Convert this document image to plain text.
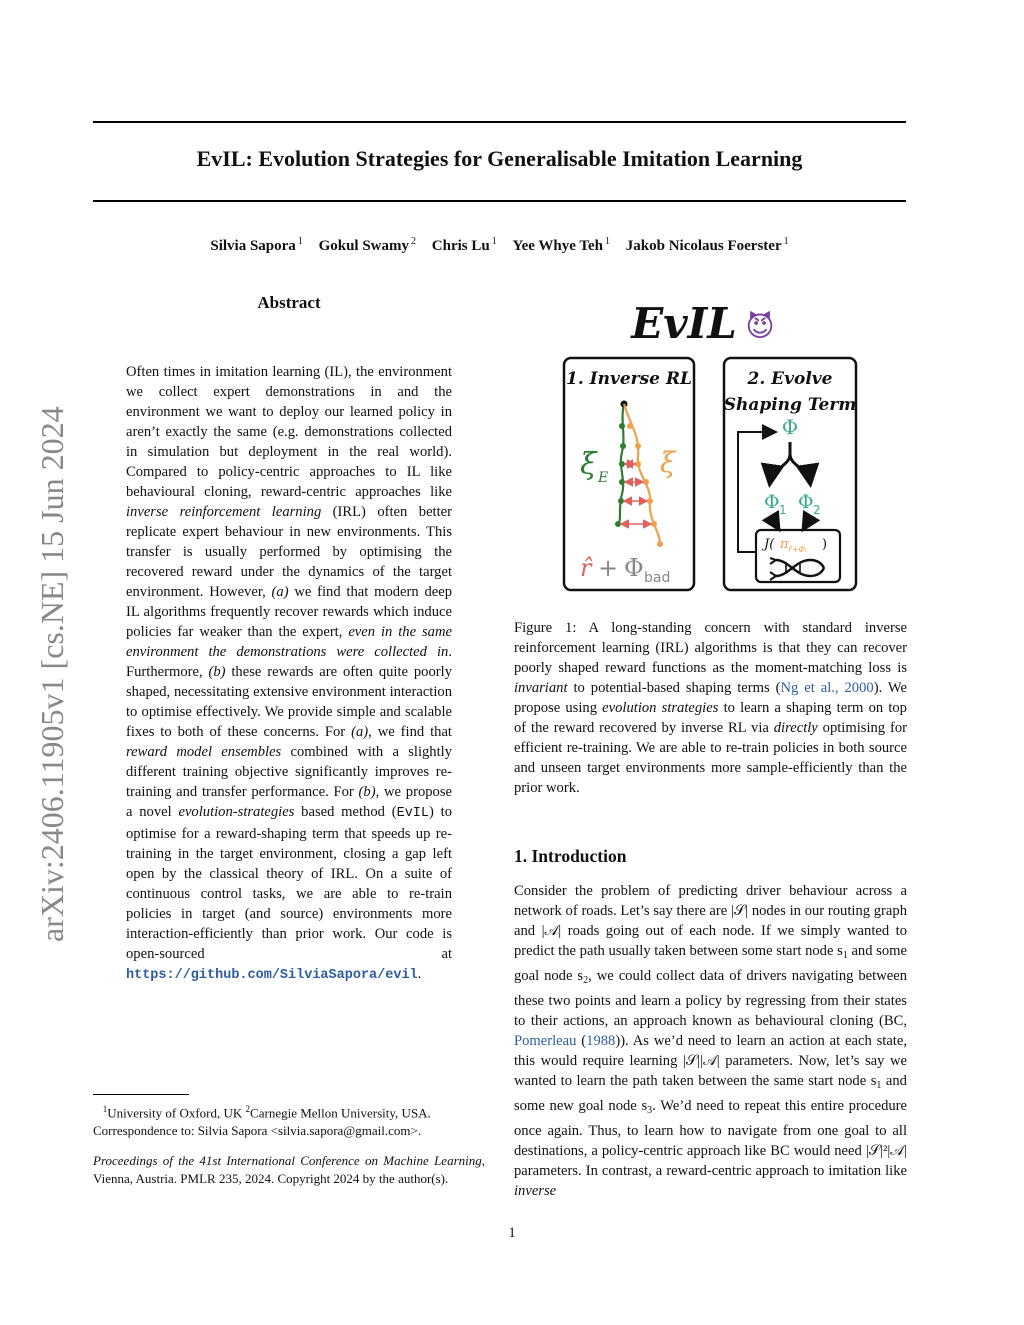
EvIL: Evolution Strategies for Generalisable Imitation Learning
Silvia Sapora $^1$ Gokul Swamy $^2$ Chris Lu $^1$ Yee Whye Teh $^1$ Jakob Nicolaus Foerster $^1$
arXiv:2406.11905v1 [cs.NE] 15 Jun 2024
Abstract
Often times in imitation learning (IL), the environment we collect expert demonstrations in and the environment we want to deploy our learned policy in aren’t exactly the same (e.g. demonstrations collected in simulation but deployment in the real world). Compared to policy-centric approaches to IL like behavioural cloning, reward-centric approaches like inverse reinforcement learning (IRL) often better replicate expert behaviour in new environments. This transfer is usually performed by optimising the recovered reward under the dynamics of the target environment. However, (a) we find that modern deep IL algorithms frequently recover rewards which induce policies far weaker than the expert, even in the same environment the demonstrations were collected in. Furthermore, (b) these rewards are often quite poorly shaped, necessitating extensive environment interaction to optimise effectively. We provide simple and scalable fixes to both of these concerns. For (a), we find that reward model ensembles combined with a slightly different training objective significantly improves re-training and transfer performance. For (b), we propose a novel evolution-strategies based method (EvIL) to optimise for a reward-shaping term that speeds up re-training in the target environment, closing a gap left open by the classical theory of IRL. On a suite of continuous control tasks, we are able to re-train policies in target (and source) environments more interaction-efficiently than prior work. Our code is open-sourced at https://github.com/SilviaSapora/evil.
$^1$University of Oxford, UK $^2$Carnegie Mellon University, USA. Correspondence to: Silvia Sapora <silvia.sapora@gmail.com>.
Proceedings of the 41st International Conference on Machine Learning, Vienna, Austria. PMLR 235, 2024. Copyright 2024 by the author(s).
EvIL 😈
1. Inverse RL
ξ E ξ
r̂ + Φ bad
2. Evolve
Shaping Term
Φ
Φ 1 Φ 2
J( π r̂+Φᵢ )
Figure 1: A long-standing concern with standard inverse reinforcement learning (IRL) algorithms is that they can recover poorly shaped reward functions as the moment-matching loss is invariant to potential-based shaping terms (Ng et al., 2000). We propose using evolution strategies to learn a shaping term on top of the reward recovered by inverse RL via directly optimising for efficient re-training. We are able to re-train policies in both source and unseen target environments more sample-efficiently than the prior work.
1. Introduction
Consider the problem of predicting driver behaviour across a network of roads. Let’s say there are |𝒮| nodes in our routing graph and |𝒜| roads going out of each node. If we simply wanted to predict the path usually taken between some start node $s_1$ and some goal node $s_2$, we could collect data of drivers navigating between these two points and learn a policy by regressing from their states to their actions, an approach known as behavioural cloning (BC, Pomerleau (1988)). As we’d need to learn an action at each state, this would require learning |𝒮||𝒜| parameters. Now, let’s say we wanted to learn the path taken between the same start node $s_1$ and some new goal node $s_3$. We’d need to repeat this entire procedure once again. Thus, to learn how to navigate from one goal to all destinations, a policy-centric approach like BC would need |𝒮|²|𝒜| parameters. In contrast, a reward-centric approach to imitation like inverse
1
